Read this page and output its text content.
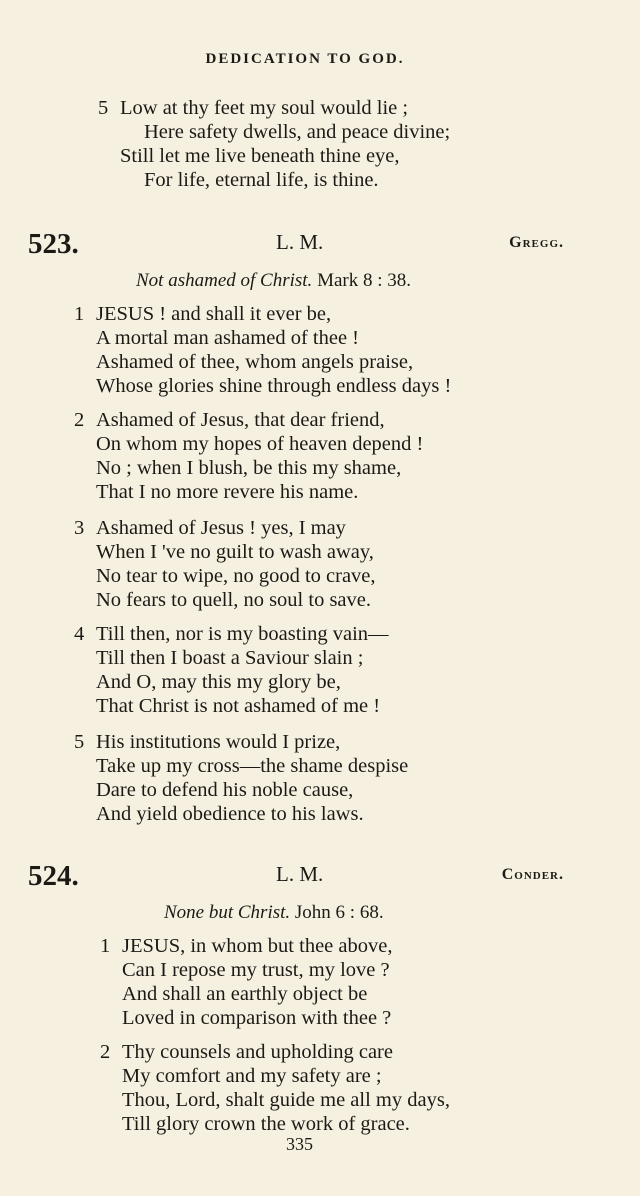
DEDICATION TO GOD.
5 Low at thy feet my soul would lie ;
Here safety dwells, and peace divine;
Still let me live beneath thine eye,
For life, eternal life, is thine.
523.	L. M.	Gregg.
Not ashamed of Christ. Mark 8 : 38.
1 JESUS ! and shall it ever be,
A mortal man ashamed of thee !
Ashamed of thee, whom angels praise,
Whose glories shine through endless days !
2 Ashamed of Jesus, that dear friend,
On whom my hopes of heaven depend !
No ; when I blush, be this my shame,
That I no more revere his name.
3 Ashamed of Jesus ! yes, I may
When I 've no guilt to wash away,
No tear to wipe, no good to crave,
No fears to quell, no soul to save.
4 Till then, nor is my boasting vain—
Till then I boast a Saviour slain ;
And O, may this my glory be,
That Christ is not ashamed of me !
5 His institutions would I prize,
Take up my cross—the shame despise
Dare to defend his noble cause,
And yield obedience to his laws.
524.	L. M.	Conder.
None but Christ. John 6 : 68.
1 JESUS, in whom but thee above,
Can I repose my trust, my love ?
And shall an earthly object be
Loved in comparison with thee ?
2 Thy counsels and upholding care
My comfort and my safety are ;
Thou, Lord, shalt guide me all my days,
Till glory crown the work of grace.
335
